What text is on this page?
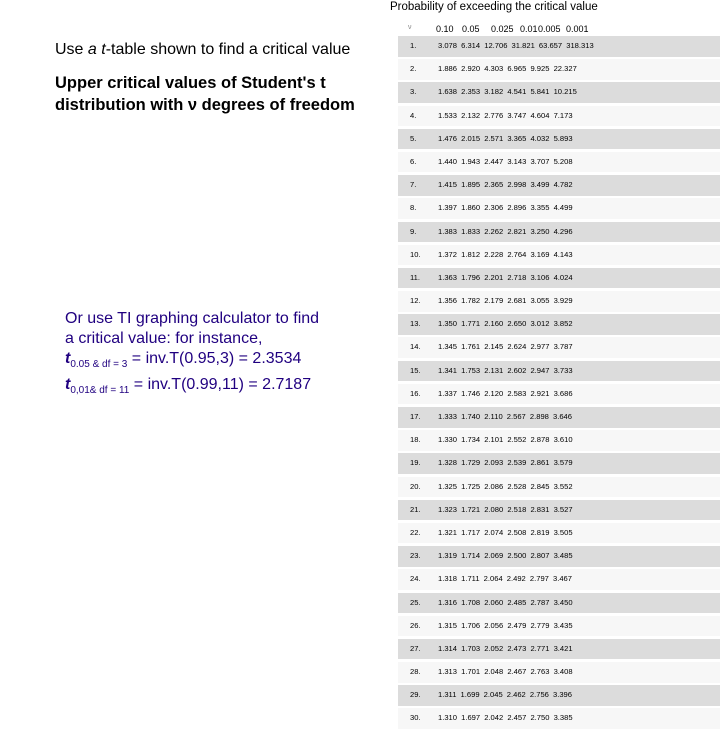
Probability of exceeding the critical value
ν	0.10 0.05 0.025 0.01 0.005 0.001
1.	3.078 6.314 12.706 31.821 63.657 318.313
2.	1.886 2.920 4.303 6.965 9.925 22.327
3.	1.638 2.353 3.182 4.541 5.841 10.215
4.	1.533 2.132 2.776 3.747 4.604 7.173
5.	1.476 2.015 2.571 3.365 4.032 5.893
6.	1.440 1.943 2.447 3.143 3.707 5.208
7.	1.415 1.895 2.365 2.998 3.499 4.782
8.	1.397 1.860 2.306 2.896 3.355 4.499
9.	1.383 1.833 2.262 2.821 3.250 4.296
10. 1.372 1.812 2.228 2.764 3.169 4.143
11. 1.363 1.796 2.201 2.718 3.106 4.024
12. 1.356 1.782 2.179 2.681 3.055 3.929
13. 1.350 1.771 2.160 2.650 3.012 3.852
14. 1.345 1.761 2.145 2.624 2.977 3.787
15. 1.341 1.753 2.131 2.602 2.947 3.733
16. 1.337 1.746 2.120 2.583 2.921 3.686
17. 1.333 1.740 2.110 2.567 2.898 3.646
18. 1.330 1.734 2.101 2.552 2.878 3.610
19. 1.328 1.729 2.093 2.539 2.861 3.579
20. 1.325 1.725 2.086 2.528 2.845 3.552
21. 1.323 1.721 2.080 2.518 2.831 3.527
22. 1.321 1.717 2.074 2.508 2.819 3.505
23. 1.319 1.714 2.069 2.500 2.807 3.485
24. 1.318 1.711 2.064 2.492 2.797 3.467
25. 1.316 1.708 2.060 2.485 2.787 3.450
26. 1.315 1.706 2.056 2.479 2.779 3.435
27. 1.314 1.703 2.052 2.473 2.771 3.421
28. 1.313 1.701 2.048 2.467 2.763 3.408
29. 1.311 1.699 2.045 2.462 2.756 3.396
30. 1.310 1.697 2.042 2.457 2.750 3.385
Use a t-table shown to find a critical value
Upper critical values of Student's t distribution with ν degrees of freedom
Or use TI graphing calculator to find
a critical value: for instance,
$t_{0.05 \& df = 3} = inv.T(0.95,3) = 2.3534$
$t_{0,01\& df = 11} = inv.T(0.99,11) = 2.7187$
